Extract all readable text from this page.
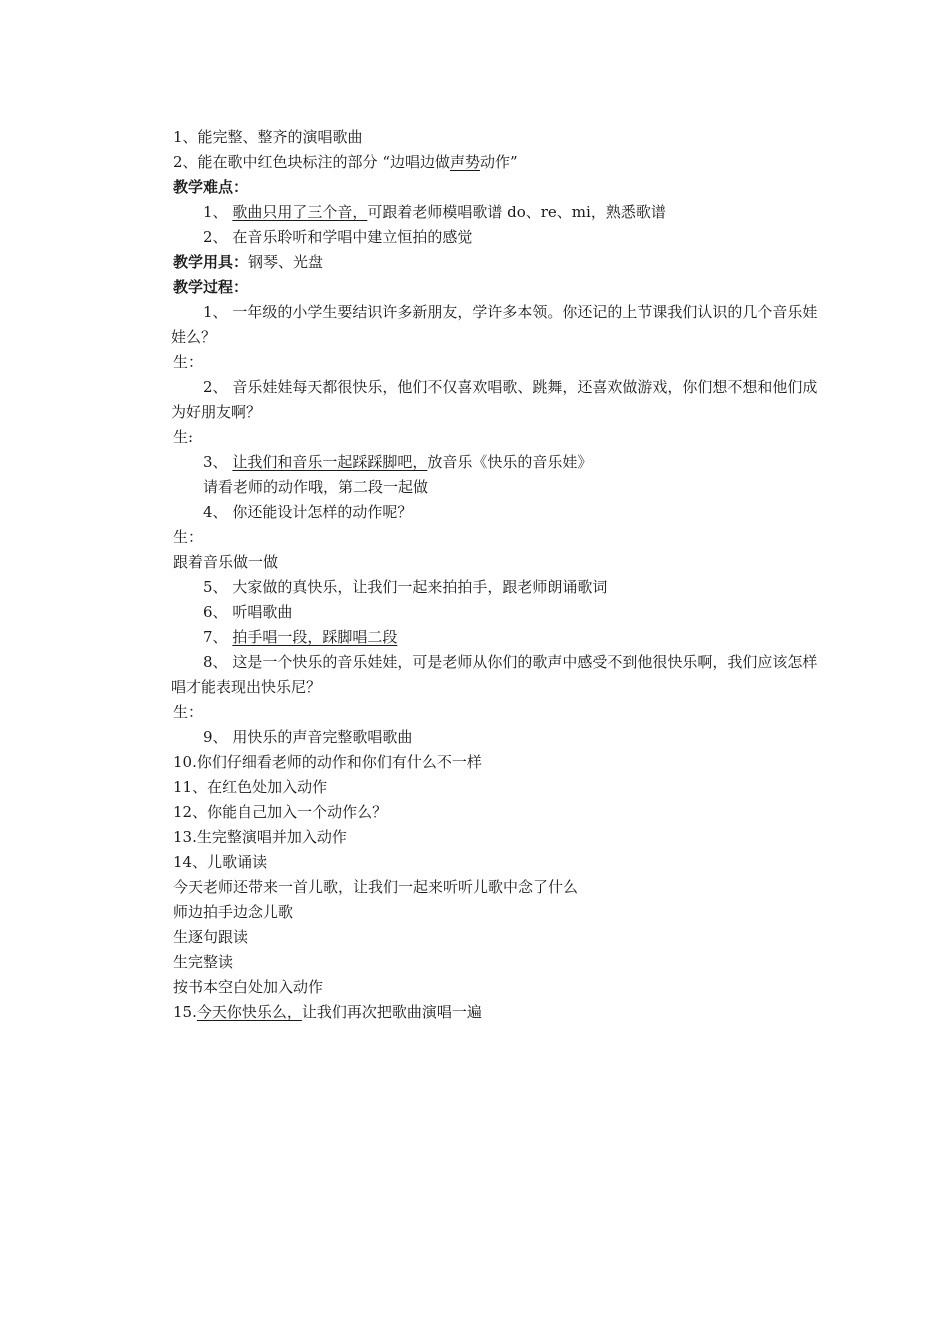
1、能完整、整齐的演唱歌曲
2、能在歌中红色块标注的部分 “边唱边做声势动作”
教学难点：
1、 歌曲只用了三个音，可跟着老师模唱歌谱 do、re、mi，熟悉歌谱
2、 在音乐聆听和学唱中建立恒拍的感觉
教学用具：钢琴、光盘
教学过程：
1、 一年级的小学生要结识许多新朋友，学许多本领。你还记的上节课我们认识的几个音乐娃娃么？
生：
2、 音乐娃娃每天都很快乐，他们不仅喜欢唱歌、跳舞，还喜欢做游戏，你们想不想和他们成为好朋友啊？
生:
3、 让我们和音乐一起踩踩脚吧，放音乐《快乐的音乐娃》
请看老师的动作哦，第二段一起做
4、 你还能设计怎样的动作呢？
生：
跟着音乐做一做
5、 大家做的真快乐，让我们一起来拍拍手，跟老师朗诵歌词
6、 听唱歌曲
7、 拍手唱一段，踩脚唱二段
8、 这是一个快乐的音乐娃娃，可是老师从你们的歌声中感受不到他很快乐啊，我们应该怎样唱才能表现出快乐尼？
生：
9、 用快乐的声音完整歌唱歌曲
10.你们仔细看老师的动作和你们有什么不一样
11、在红色处加入动作
12、你能自己加入一个动作么？
13.生完整演唱并加入动作
14、儿歌诵读
今天老师还带来一首儿歌，让我们一起来听听儿歌中念了什么
师边拍手边念儿歌
生逐句跟读
生完整读
按书本空白处加入动作
15.今天你快乐么，让我们再次把歌曲演唱一遍
